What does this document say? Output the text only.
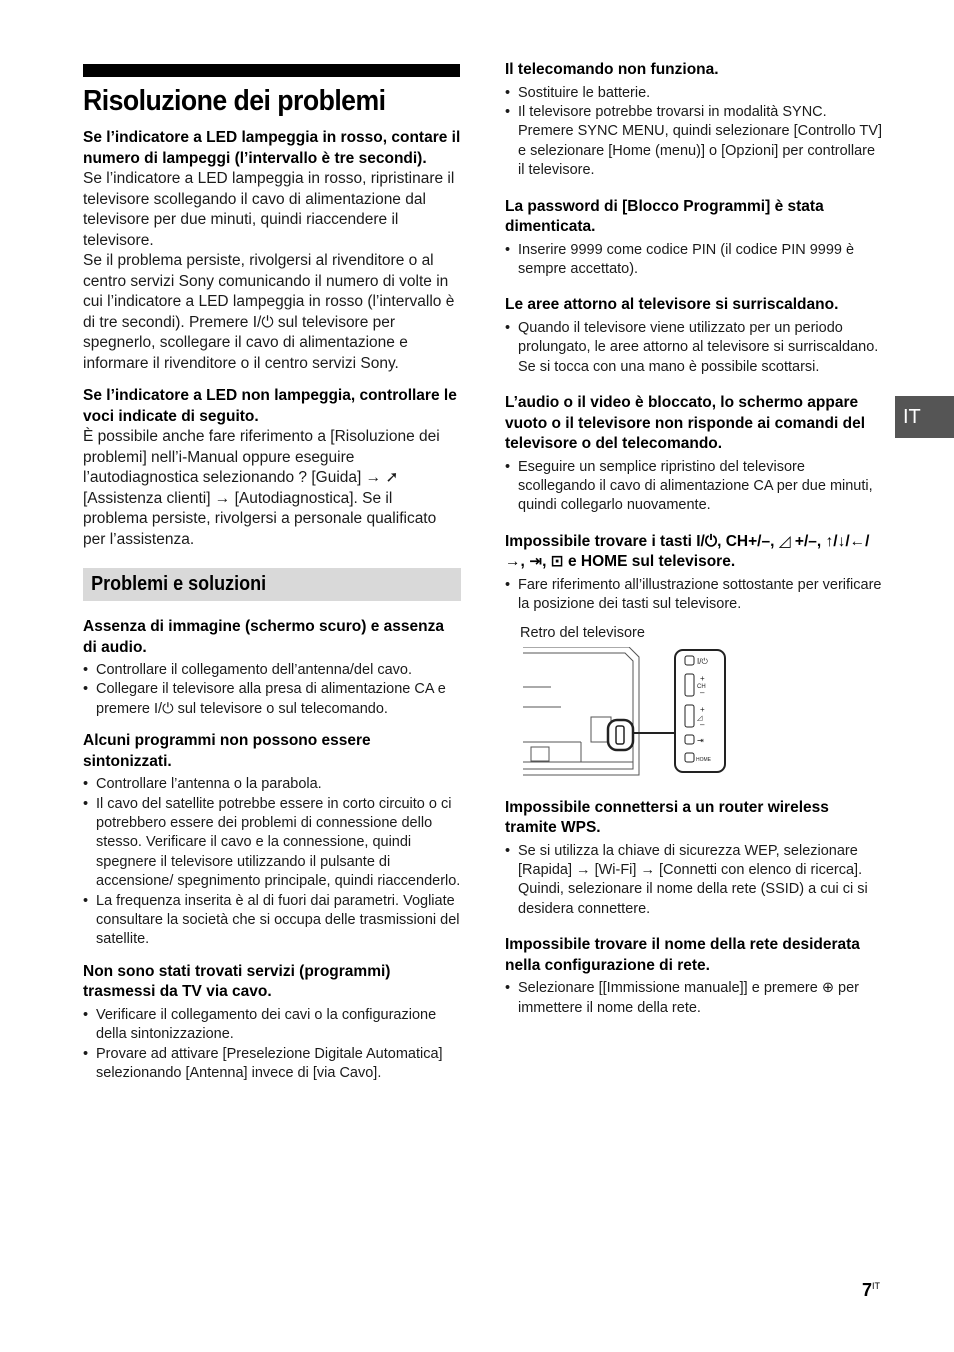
Risoluzione dei problemi

Se l’indicatore a LED lampeggia in rosso, contare il numero di lampeggi (l’intervallo è tre secondi).

Se l’indicatore a LED lampeggia in rosso, ripristinare il televisore scollegando il cavo di alimentazione dal televisore per due minuti, quindi riaccendere il televisore.

Se il problema persiste, rivolgersi al rivenditore o al centro servizi Sony comunicando il numero di volte in cui l’indicatore a LED lampeggia in rosso (l’intervallo è di tre secondi). Premere I/⏻ sul televisore per spegnerlo, scollegare il cavo di alimentazione e informare il rivenditore o il centro servizi Sony.

Se l’indicatore a LED non lampeggia, controllare le voci indicate di seguito.

È possibile anche fare riferimento a [Risoluzione dei problemi] nell’i-Manual oppure eseguire l’autodiagnostica selezionando ? [Guida] → ➚ [Assistenza clienti] → [Autodiagnostica]. Se il problema persiste, rivolgersi a personale qualificato per l’assistenza.

Problemi e soluzioni

Assenza di immagine (schermo scuro) e assenza di audio.

• Controllare il collegamento dell’antenna/del cavo.
• Collegare il televisore alla presa di alimentazione CA e premere I/⏻ sul televisore o sul telecomando.

Alcuni programmi non possono essere sintonizzati.

• Controllare l’antenna o la parabola.
• Il cavo del satellite potrebbe essere in corto circuito o ci potrebbero essere dei problemi di connessione dello stesso. Verificare il cavo e la connessione, quindi spegnere il televisore utilizzando il pulsante di accensione/ spegnimento principale, quindi riaccenderlo.
• La frequenza inserita è al di fuori dai parametri. Vogliate consultare la società che si occupa delle trasmissioni del satellite.

Non sono stati trovati servizi (programmi) trasmessi da TV via cavo.

• Verificare il collegamento dei cavi o la configurazione della sintonizzazione.
• Provare ad attivare [Preselezione Digitale Automatica] selezionando [Antenna] invece di [via Cavo].

Il telecomando non funziona.

• Sostituire le batterie.
• Il televisore potrebbe trovarsi in modalità SYNC. Premere SYNC MENU, quindi selezionare [Controllo TV] e selezionare [Home (menu)] o [Opzioni] per controllare il televisore.

La password di [Blocco Programmi] è stata dimenticata.

• Inserire 9999 come codice PIN (il codice PIN 9999 è sempre accettato).

Le aree attorno al televisore si surriscaldano.

• Quando il televisore viene utilizzato per un periodo prolungato, le aree attorno al televisore si surriscaldano. Se si tocca con una mano è possibile scottarsi.

L’audio o il video è bloccato, lo schermo appare vuoto o il televisore non risponde ai comandi del televisore o del telecomando.

• Eseguire un semplice ripristino del televisore scollegando il cavo di alimentazione CA per due minuti, quindi collegarlo nuovamente.

Impossibile trovare i tasti I/⏻, CH+/–, ◿ +/–, ↑/↓/←/→, ⇥, ⊡ e HOME sul televisore.

• Fare riferimento all’illustrazione sottostante per verificare la posizione dei tasti sul televisore.
Retro del televisore
I/⏻
+
CH
–
+
◿
–
⇥
HOME

Impossibile connettersi a un router wireless tramite WPS.

• Se si utilizza la chiave di sicurezza WEP, selezionare [Rapida] → [Wi-Fi] → [Connetti con elenco di ricerca]. Quindi, selezionare il nome della rete (SSID) a cui ci si desidera connettere.

Impossibile trovare il nome della rete desiderata nella configurazione di rete.

• Selezionare [[Immissione manuale]] e premere ⊕ per immettere il nome della rete.
IT
$7^{IT}$
